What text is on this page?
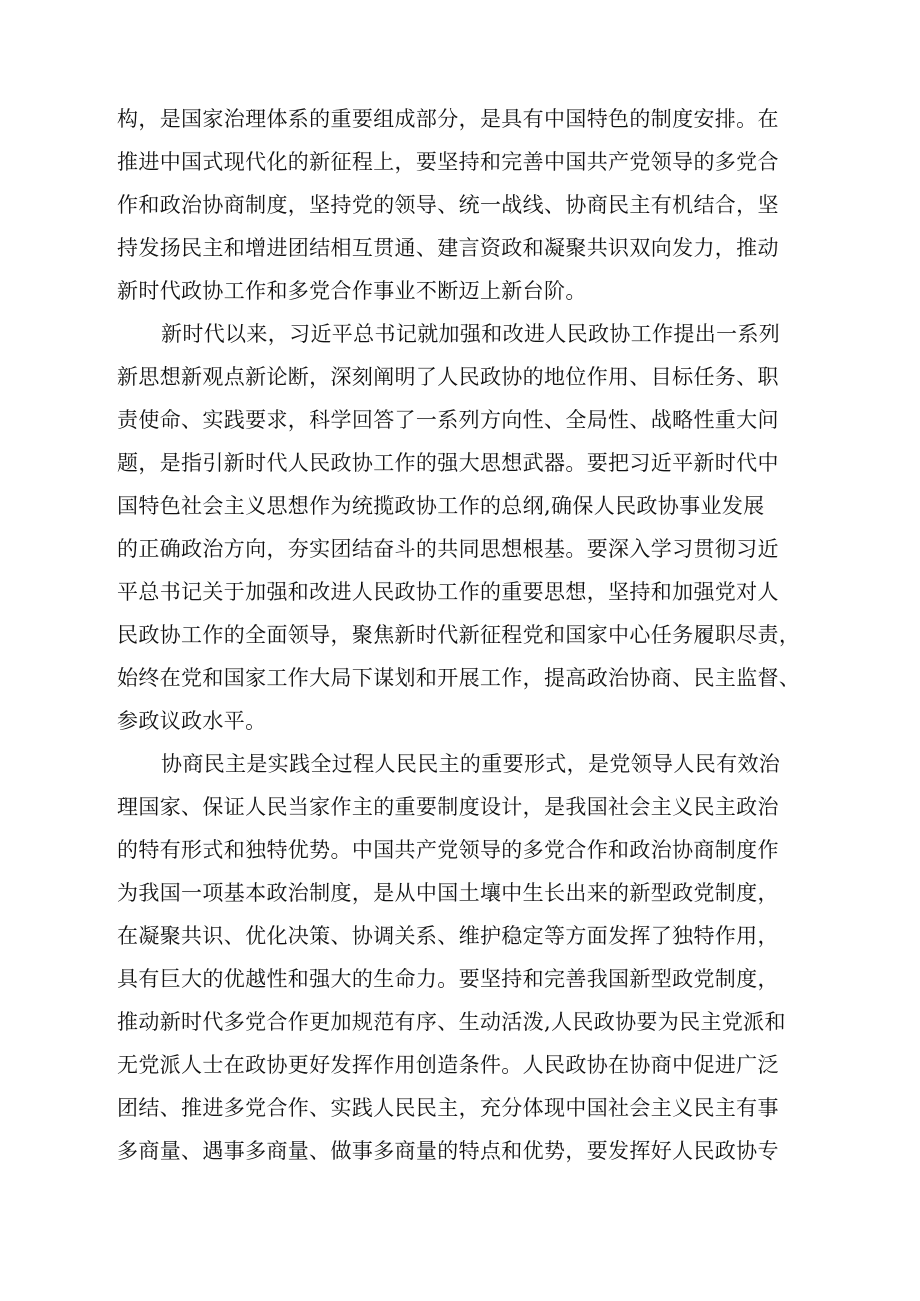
构，是国家治理体系的重要组成部分，是具有中国特色的制度安排。在
推进中国式现代化的新征程上，要坚持和完善中国共产党领导的多党合
作和政治协商制度，坚持党的领导、统一战线、协商民主有机结合，坚
持发扬民主和增进团结相互贯通、建言资政和凝聚共识双向发力，推动
新时代政协工作和多党合作事业不断迈上新台阶。
新时代以来，习近平总书记就加强和改进人民政协工作提出一系列
新思想新观点新论断，深刻阐明了人民政协的地位作用、目标任务、职
责使命、实践要求，科学回答了一系列方向性、全局性、战略性重大问
题，是指引新时代人民政协工作的强大思想武器。要把习近平新时代中
国特色社会主义思想作为统揽政协工作的总纲,确保人民政协事业发展
的正确政治方向，夯实团结奋斗的共同思想根基。要深入学习贯彻习近
平总书记关于加强和改进人民政协工作的重要思想，坚持和加强党对人
民政协工作的全面领导，聚焦新时代新征程党和国家中心任务履职尽责，
始终在党和国家工作大局下谋划和开展工作，提高政治协商、民主监督、
参政议政水平。
协商民主是实践全过程人民民主的重要形式，是党领导人民有效治
理国家、保证人民当家作主的重要制度设计，是我国社会主义民主政治
的特有形式和独特优势。中国共产党领导的多党合作和政治协商制度作
为我国一项基本政治制度，是从中国土壤中生长出来的新型政党制度，
在凝聚共识、优化决策、协调关系、维护稳定等方面发挥了独特作用，
具有巨大的优越性和强大的生命力。要坚持和完善我国新型政党制度，
推动新时代多党合作更加规范有序、生动活泼,人民政协要为民主党派和
无党派人士在政协更好发挥作用创造条件。人民政协在协商中促进广泛
团结、推进多党合作、实践人民民主，充分体现中国社会主义民主有事
多商量、遇事多商量、做事多商量的特点和优势，要发挥好人民政协专
